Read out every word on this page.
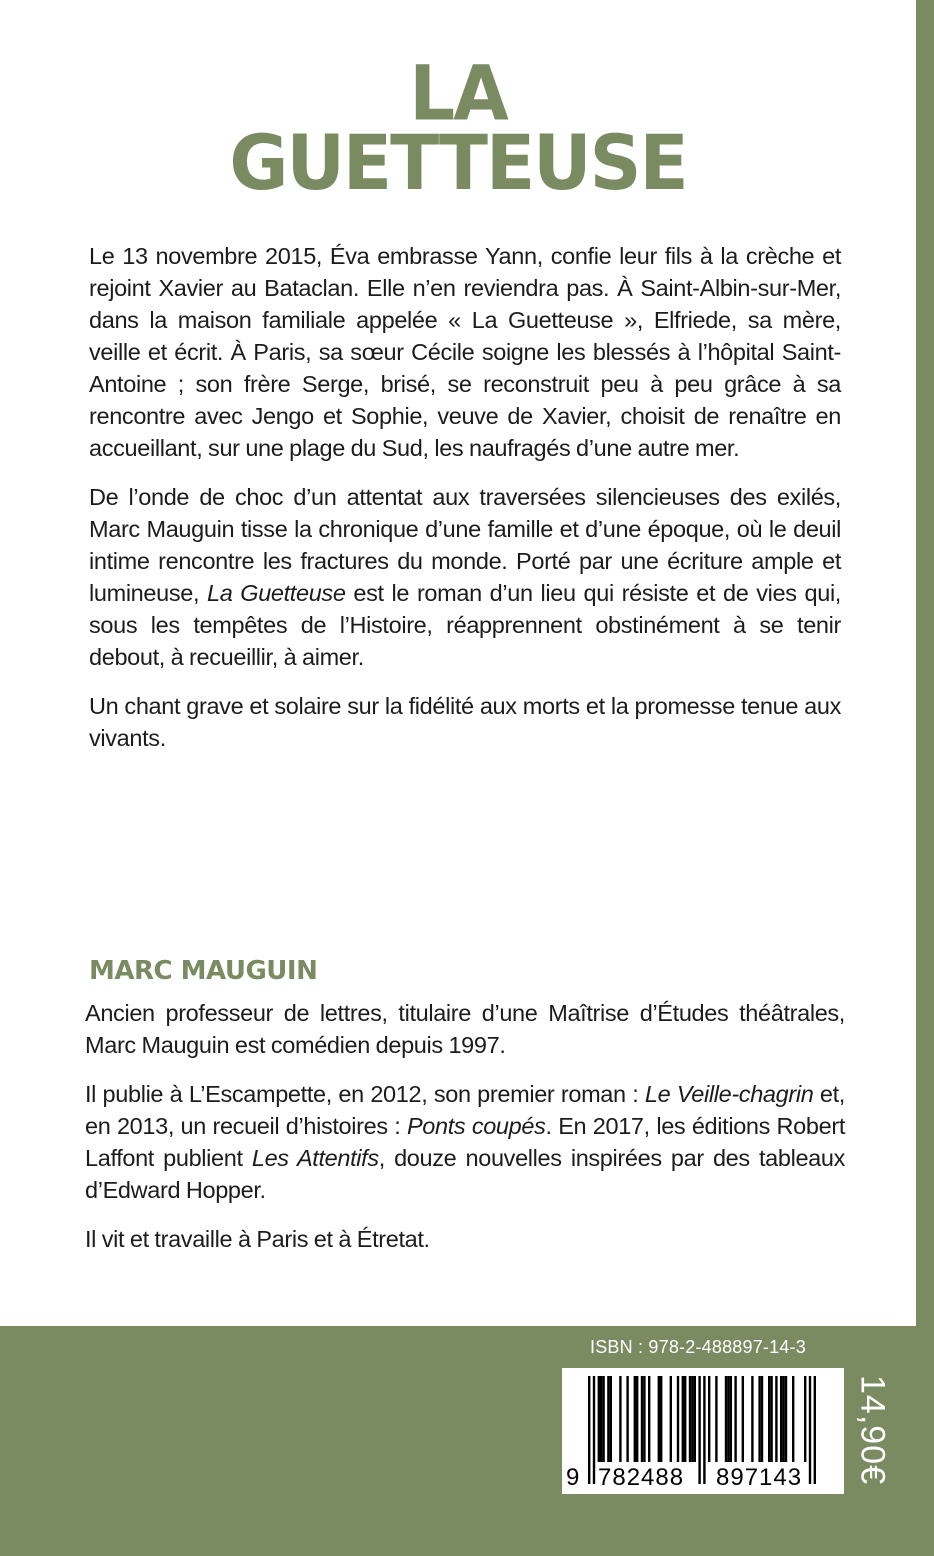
LA
GUETTEUSE

Le 13 novembre 2015, Éva embrasse Yann, confie leur fils à la crèche et rejoint Xavier au Bataclan. Elle n’en reviendra pas. À Saint-Albin-sur-Mer, dans la maison familiale appelée « La Guetteuse », Elfriede, sa mère, veille et écrit. À Paris, sa sœur Cécile soigne les blessés à l’hôpital Saint-Antoine ; son frère Serge, brisé, se reconstruit peu à peu grâce à sa rencontre avec Jengo et Sophie, veuve de Xavier, choisit de renaître en accueillant, sur une plage du Sud, les naufragés d’une autre mer.

De l’onde de choc d’un attentat aux traversées silencieuses des exilés, Marc Mauguin tisse la chronique d’une famille et d’une époque, où le deuil intime rencontre les fractures du monde. Porté par une écriture ample et lumineuse, La Guetteuse est le roman d’un lieu qui résiste et de vies qui, sous les tempêtes de l’Histoire, réapprennent obstinément à se tenir debout, à recueillir, à aimer.

Un chant grave et solaire sur la fidélité aux morts et la promesse tenue aux vivants.

MARC MAUGUIN

Ancien professeur de lettres, titulaire d’une Maîtrise d’Études théâtrales, Marc Mauguin est comédien depuis 1997.

Il publie à L’Escampette, en 2012, son premier roman : Le Veille-chagrin et, en 2013, un recueil d’histoires : Ponts coupés. En 2017, les éditions Robert Laffont publient Les Attentifs, douze nouvelles inspirées par des tableaux d’Edward Hopper.

Il vit et travaille à Paris et à Étretat.

ISBN : 978-2-488897-14-3
9 782488 897143 14,90€
